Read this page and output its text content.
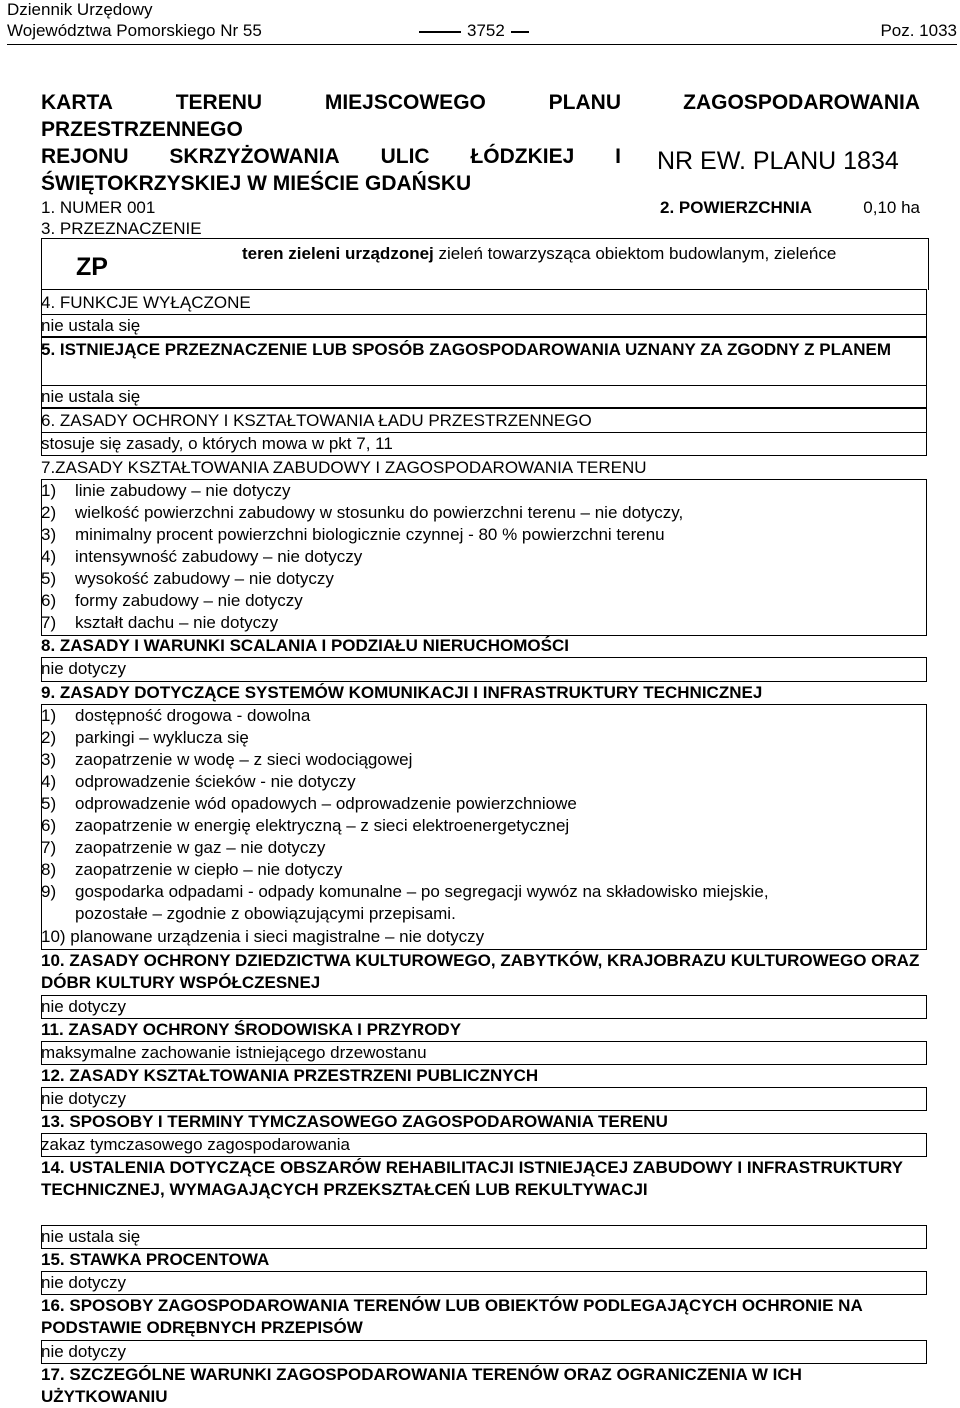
Dziennik Urzędowy
Województwa Pomorskiego Nr 55	3752	Poz. 1033
KARTA	TERENU	MIEJSCOWEGO	PLANU
PRZESTRZENNEGO
REJONU SKRZYŻOWANIA ULIC ŁÓDZKIEJ I
ŚWIĘTOKRZYSKIEJ W MIEŚCIE GDAŃSKU
ZAGOSPODAROWANIA
NR EW. PLANU 1834
1. NUMER 001	2. POWIERZCHNIA	0,10 ha
3. PRZEZNACZENIE
ZP	teren zieleni urządzonej zieleń towarzysząca obiektom budowlanym, zieleńce
4. FUNKCJE WYŁĄCZONE
nie ustala się
5. ISTNIEJĄCE PRZEZNACZENIE LUB SPOSÓB ZAGOSPODAROWANIA UZNANY ZA ZGODNY Z PLANEM
nie ustala się
6. ZASADY OCHRONY I KSZTAŁTOWANIA ŁADU PRZESTRZENNEGO
stosuje się zasady, o których mowa w pkt 7, 11
7.ZASADY KSZTAŁTOWANIA ZABUDOWY I ZAGOSPODAROWANIA TERENU
1) linie zabudowy – nie dotyczy
2) wielkość powierzchni zabudowy w stosunku do powierzchni terenu – nie dotyczy,
3) minimalny procent powierzchni biologicznie czynnej - 80 % powierzchni terenu
4) intensywność zabudowy – nie dotyczy
5) wysokość zabudowy – nie dotyczy
6) formy zabudowy – nie dotyczy
7) kształt dachu – nie dotyczy
8. ZASADY I WARUNKI SCALANIA I PODZIAŁU NIERUCHOMOŚCI
nie dotyczy
9. ZASADY DOTYCZĄCE SYSTEMÓW KOMUNIKACJI I INFRASTRUKTURY TECHNICZNEJ
1) dostępność drogowa - dowolna
2) parkingi – wyklucza się
3) zaopatrzenie w wodę – z sieci wodociągowej
4) odprowadzenie ścieków - nie dotyczy
5) odprowadzenie wód opadowych – odprowadzenie powierzchniowe
6) zaopatrzenie w energię elektryczną – z sieci elektroenergetycznej
7) zaopatrzenie w gaz – nie dotyczy
8) zaopatrzenie w ciepło – nie dotyczy
9) gospodarka odpadami - odpady komunalne – po segregacji wywóz na składowisko miejskie,
pozostałe – zgodnie z obowiązującymi przepisami.
10) planowane urządzenia i sieci magistralne – nie dotyczy
10. ZASADY OCHRONY DZIEDZICTWA KULTUROWEGO, ZABYTKÓW, KRAJOBRAZU KULTUROWEGO ORAZ DÓBR KULTURY WSPÓŁCZESNEJ
nie dotyczy
11. ZASADY OCHRONY ŚRODOWISKA I PRZYRODY
maksymalne zachowanie istniejącego drzewostanu
12. ZASADY KSZTAŁTOWANIA PRZESTRZENI PUBLICZNYCH
nie dotyczy
13. SPOSOBY I TERMINY TYMCZASOWEGO ZAGOSPODAROWANIA TERENU
zakaz tymczasowego zagospodarowania
14. USTALENIA DOTYCZĄCE OBSZARÓW REHABILITACJI ISTNIEJĄCEJ ZABUDOWY I INFRASTRUKTURY TECHNICZNEJ, WYMAGAJĄCYCH PRZEKSZTAŁCEŃ LUB REKULTYWACJI
nie ustala się
15. STAWKA PROCENTOWA
nie dotyczy
16. SPOSOBY ZAGOSPODAROWANIA TERENÓW LUB OBIEKTÓW PODLEGAJĄCYCH OCHRONIE NA PODSTAWIE ODRĘBNYCH PRZEPISÓW
nie dotyczy
17. SZCZEGÓLNE WARUNKI ZAGOSPODAROWANIA TERENÓW ORAZ OGRANICZENIA W ICH UŻYTKOWANIU
